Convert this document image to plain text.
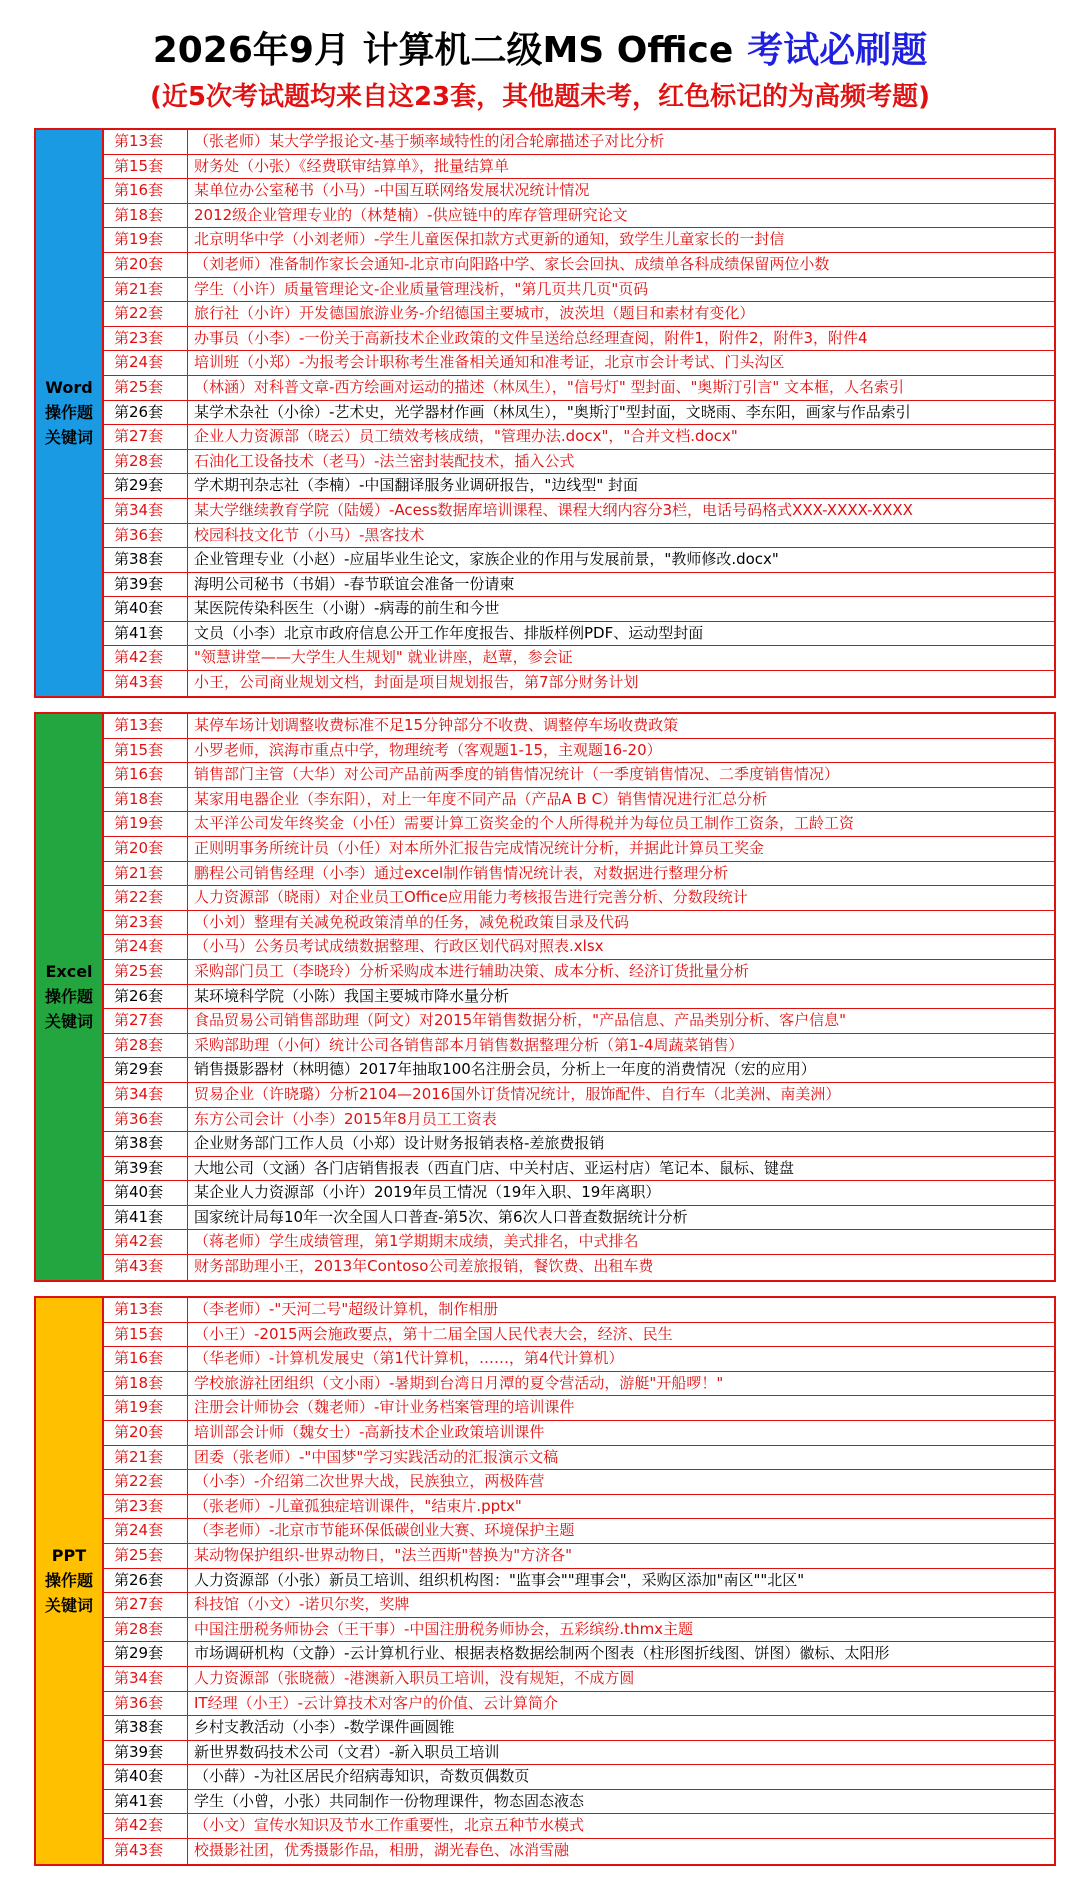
2026年9月 计算机二级MS Office 考试必刷题
(近5次考试题均来自这23套，其他题未考，红色标记的为高频考题)
Word
操作题
关键词
第13套	（张老师）某大学学报论文-基于频率域特性的闭合轮廓描述子对比分析
第15套	财务处（小张）《经费联审结算单》，批量结算单
第16套	某单位办公室秘书（小马）-中国互联网络发展状况统计情况
第18套	2012级企业管理专业的（林楚楠）-供应链中的库存管理研究论文
第19套	北京明华中学（小刘老师）-学生儿童医保扣款方式更新的通知，致学生儿童家长的一封信
第20套	（刘老师）准备制作家长会通知-北京市向阳路中学、家长会回执、成绩单各科成绩保留两位小数
第21套	学生（小许）质量管理论文-企业质量管理浅析，"第几页共几页"页码
第22套	旅行社（小许）开发德国旅游业务-介绍德国主要城市，波茨坦（题目和素材有变化）
第23套	办事员（小李）-一份关于高新技术企业政策的文件呈送给总经理查阅，附件1，附件2，附件3，附件4
第24套	培训班（小郑）-为报考会计职称考生准备相关通知和准考证，北京市会计考试、门头沟区
第25套	（林涵）对科普文章-西方绘画对运动的描述（林凤生），"信号灯" 型封面、"奥斯汀引言" 文本框，人名索引
第26套	某学术杂社（小徐）-艺术史，光学器材作画（林凤生），"奥斯汀"型封面，文晓雨、李东阳，画家与作品索引
第27套	企业人力资源部（晓云）员工绩效考核成绩，"管理办法.docx"，"合并文档.docx"
第28套	石油化工设备技术（老马）-法兰密封装配技术，插入公式
第29套	学术期刊杂志社（李楠）-中国翻译服务业调研报告，"边线型" 封面
第34套	某大学继续教育学院（陆媛）-Acess数据库培训课程、课程大纲内容分3栏，电话号码格式XXX-XXXX-XXXX
第36套	校园科技文化节（小马）-黑客技术
第38套	企业管理专业（小赵）-应届毕业生论文，家族企业的作用与发展前景，"教师修改.docx"
第39套	海明公司秘书（书娟）-春节联谊会准备一份请柬
第40套	某医院传染科医生（小谢）-病毒的前生和今世
第41套	文员（小李）北京市政府信息公开工作年度报告、排版样例PDF、运动型封面
第42套	"领慧讲堂——大学生人生规划" 就业讲座，赵蕈，参会证
第43套	小王，公司商业规划文档，封面是项目规划报告，第7部分财务计划
Excel
操作题
关键词
第13套	某停车场计划调整收费标准不足15分钟部分不收费、调整停车场收费政策
第15套	小罗老师，滨海市重点中学，物理统考（客观题1-15，主观题16-20）
第16套	销售部门主管（大华）对公司产品前两季度的销售情况统计（一季度销售情况、二季度销售情况）
第18套	某家用电器企业（李东阳），对上一年度不同产品（产品A B C）销售情况进行汇总分析
第19套	太平洋公司发年终奖金（小任）需要计算工资奖金的个人所得税并为每位员工制作工资条，工龄工资
第20套	正则明事务所统计员（小任）对本所外汇报告完成情况统计分析，并据此计算员工奖金
第21套	鹏程公司销售经理（小李）通过excel制作销售情况统计表，对数据进行整理分析
第22套	人力资源部（晓雨）对企业员工Office应用能力考核报告进行完善分析、分数段统计
第23套	（小刘）整理有关减免税政策清单的任务，减免税政策目录及代码
第24套	（小马）公务员考试成绩数据整理、行政区划代码对照表.xlsx
第25套	采购部门员工（李晓玲）分析采购成本进行辅助决策、成本分析、经济订货批量分析
第26套	某环境科学院（小陈）我国主要城市降水量分析
第27套	食品贸易公司销售部助理（阿文）对2015年销售数据分析，"产品信息、产品类别分析、客户信息"
第28套	采购部助理（小何）统计公司各销售部本月销售数据整理分析（第1-4周蔬菜销售）
第29套	销售摄影器材（林明德）2017年抽取100名注册会员，分析上一年度的消费情况（宏的应用）
第34套	贸易企业（许晓璐）分析2104—2016国外订货情况统计，服饰配件、自行车（北美洲、南美洲）
第36套	东方公司会计（小李）2015年8月员工工资表
第38套	企业财务部门工作人员（小郑）设计财务报销表格-差旅费报销
第39套	大地公司（文涵）各门店销售报表（西直门店、中关村店、亚运村店）笔记本、鼠标、键盘
第40套	某企业人力资源部（小许）2019年员工情况（19年入职、19年离职）
第41套	国家统计局每10年一次全国人口普查-第5次、第6次人口普查数据统计分析
第42套	（蒋老师）学生成绩管理，第1学期期末成绩，美式排名，中式排名
第43套	财务部助理小王，2013年Contoso公司差旅报销，餐饮费、出租车费
PPT
操作题
关键词
第13套	（李老师）-"天河二号"超级计算机，制作相册
第15套	（小王）-2015两会施政要点，第十二届全国人民代表大会，经济、民生
第16套	（华老师）-计算机发展史（第1代计算机，……，第4代计算机）
第18套	学校旅游社团组织（文小雨）-暑期到台湾日月潭的夏令营活动，游艇"开船啰！"
第19套	注册会计师协会（魏老师）-审计业务档案管理的培训课件
第20套	培训部会计师（魏女士）-高新技术企业政策培训课件
第21套	团委（张老师）-"中国梦"学习实践活动的汇报演示文稿
第22套	（小李）-介绍第二次世界大战，民族独立，两极阵营
第23套	（张老师）-儿童孤独症培训课件，"结束片.pptx"
第24套	（李老师）-北京市节能环保低碳创业大赛、环境保护主题
第25套	某动物保护组织-世界动物日，"法兰西斯"替换为"方济各"
第26套	人力资源部（小张）新员工培训、组织机构图："监事会""理事会"，采购区添加"南区""北区"
第27套	科技馆（小文）-诺贝尔奖，奖牌
第28套	中国注册税务师协会（王干事）-中国注册税务师协会，五彩缤纷.thmx主题
第29套	市场调研机构（文静）-云计算机行业、根据表格数据绘制两个图表（柱形图折线图、饼图）徽标、太阳形
第34套	人力资源部（张晓薇）-港澳新入职员工培训，没有规矩，不成方圆
第36套	IT经理（小王）-云计算技术对客户的价值、云计算简介
第38套	乡村支教活动（小李）-数学课件画圆锥
第39套	新世界数码技术公司（文君）-新入职员工培训
第40套	（小薛）-为社区居民介绍病毒知识，奇数页偶数页
第41套	学生（小曾，小张）共同制作一份物理课件，物态固态液态
第42套	（小文）宣传水知识及节水工作重要性，北京五种节水模式
第43套	校摄影社团，优秀摄影作品，相册，湖光春色、冰消雪融
